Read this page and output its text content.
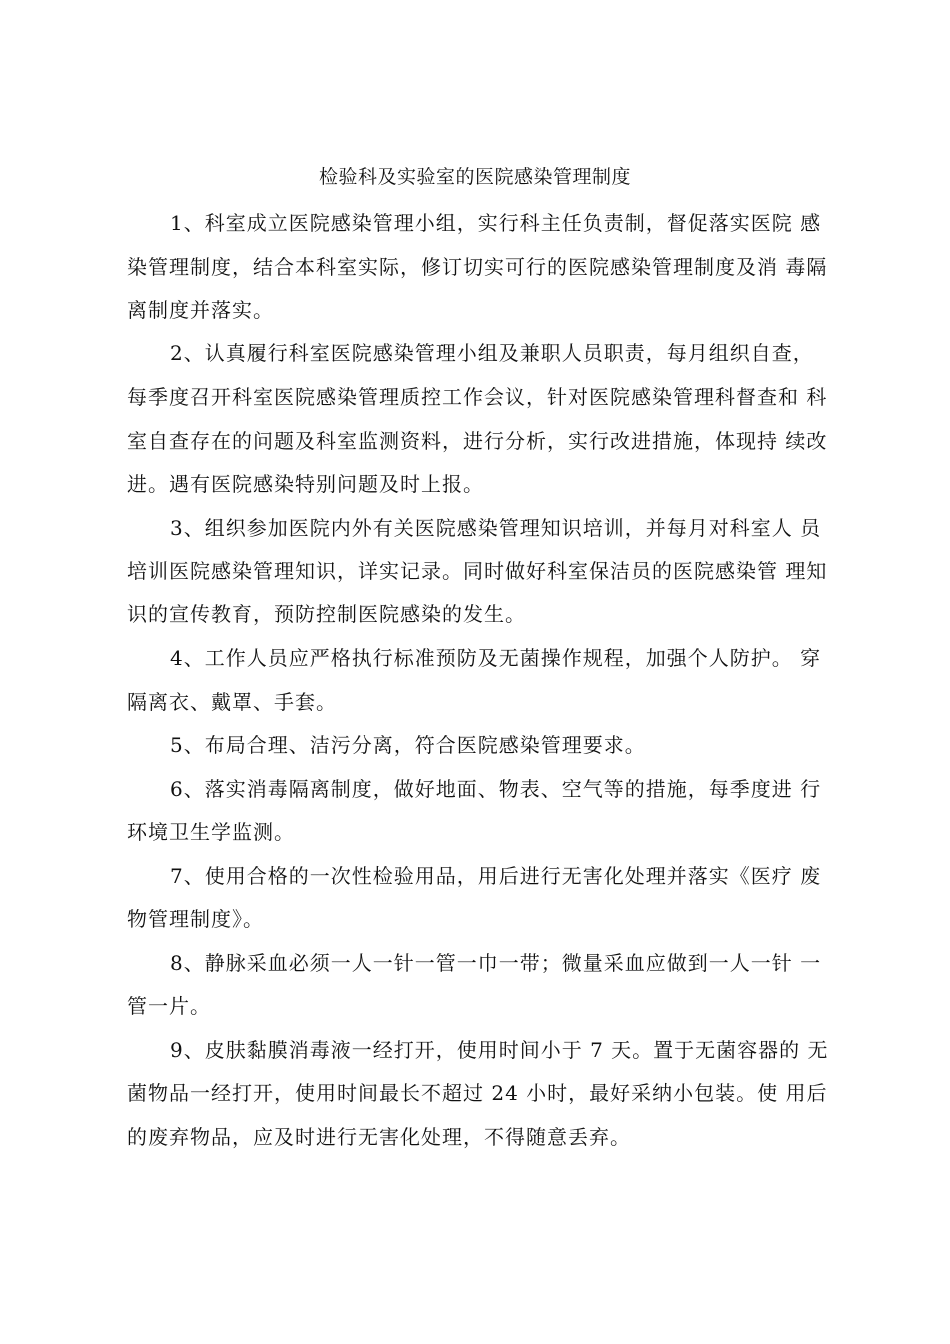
检验科及实验室的医院感染管理制度
1、科室成立医院感染管理小组，实行科主任负责制，督促落实医院 感
染管理制度，结合本科室实际，修订切实可行的医院感染管理制度及消 毒隔
离制度并落实。
2、认真履行科室医院感染管理小组及兼职人员职责，每月组织自查，
每季度召开科室医院感染管理质控工作会议，针对医院感染管理科督查和 科
室自查存在的问题及科室监测资料，进行分析，实行改进措施，体现持 续改
进。遇有医院感染特别问题及时上报。
3、组织参加医院内外有关医院感染管理知识培训，并每月对科室人 员
培训医院感染管理知识，详实记录。同时做好科室保洁员的医院感染管 理知
识的宣传教育，预防控制医院感染的发生。
4、工作人员应严格执行标准预防及无菌操作规程，加强个人防护。 穿
隔离衣、戴罩、手套。
5、布局合理、洁污分离，符合医院感染管理要求。
6、落实消毒隔离制度，做好地面、物表、空气等的措施，每季度进 行
环境卫生学监测。
7、使用合格的一次性检验用品，用后进行无害化处理并落实《医疗 废
物管理制度》。
8、静脉采血必须一人一针一管一巾一带；微量采血应做到一人一针 一
管一片。
9、皮肤黏膜消毒液一经打开，使用时间小于 7 天。置于无菌容器的 无
菌物品一经打开，使用时间最长不超过 24 小时，最好采纳小包装。使 用后
的废弃物品，应及时进行无害化处理，不得随意丢弃。
